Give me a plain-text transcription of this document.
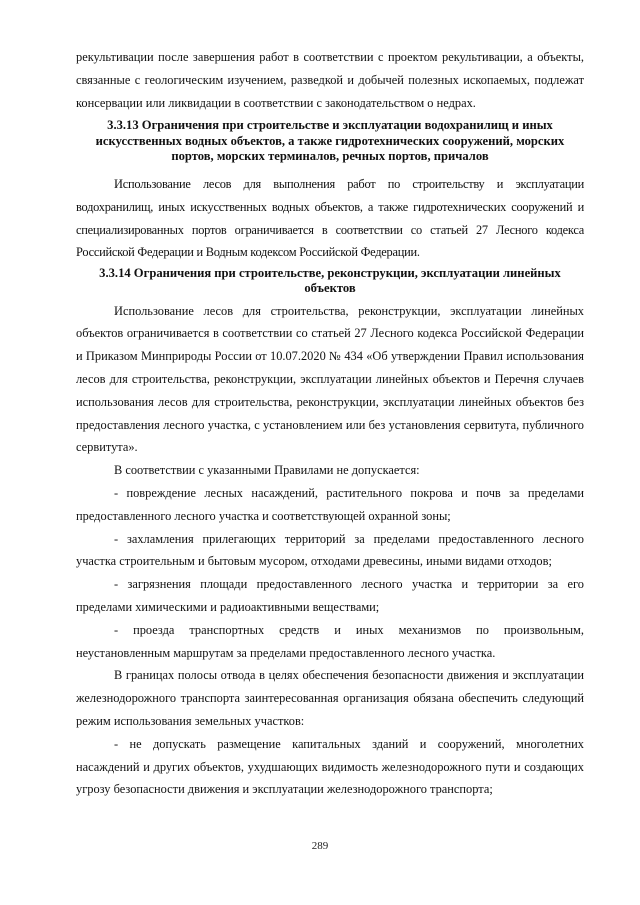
рекультивации после завершения работ в соответствии с проектом рекультивации, а объекты, связанные с геологическим изучением, разведкой и добычей полезных ископаемых, подлежат консервации или ликвидации в соответствии с законодательством о недрах.

3.3.13 Ограничения при строительстве и эксплуатации водохранилищ и иных искусственных водных объектов, а также гидротехнических сооружений, морских портов, морских терминалов, речных портов, причалов

Использование лесов для выполнения работ по строительству и эксплуатации водохранилищ, иных искусственных водных объектов, а также гидротехнических сооружений и специализированных портов ограничивается в соответствии со статьей 27 Лесного кодекса Российской Федерации и Водным кодексом Российской Федерации.

3.3.14 Ограничения при строительстве, реконструкции, эксплуатации линейных объектов

Использование лесов для строительства, реконструкции, эксплуатации линейных объектов ограничивается в соответствии со статьей 27 Лесного кодекса Российской Федерации и Приказом Минприроды России от 10.07.2020 № 434 «Об утверждении Правил использования лесов для строительства, реконструкции, эксплуатации линейных объектов и Перечня случаев использования лесов для строительства, реконструкции, эксплуатации линейных объектов без предоставления лесного участка, с установлением или без установления сервитута, публичного сервитута».

В соответствии с указанными Правилами не допускается:

- повреждение лесных насаждений, растительного покрова и почв за пределами предоставленного лесного участка и соответствующей охранной зоны;

- захламления прилегающих территорий за пределами предоставленного лесного участка строительным и бытовым мусором, отходами древесины, иными видами отходов;

- загрязнения площади предоставленного лесного участка и территории за его пределами химическими и радиоактивными веществами;

- проезда транспортных средств и иных механизмов по произвольным, неустановленным маршрутам за пределами предоставленного лесного участка.

В границах полосы отвода в целях обеспечения безопасности движения и эксплуатации железнодорожного транспорта заинтересованная организация обязана обеспечить следующий режим использования земельных участков:

- не допускать размещение капитальных зданий и сооружений, многолетних насаждений и других объектов, ухудшающих видимость железнодорожного пути и создающих угрозу безопасности движения и эксплуатации железнодорожного транспорта;

289
